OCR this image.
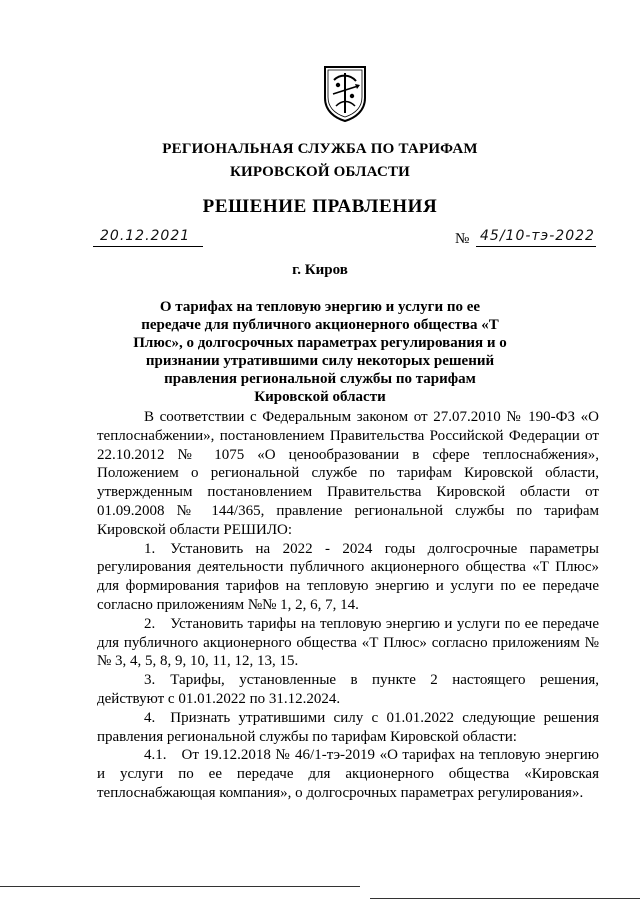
РЕГИОНАЛЬНАЯ СЛУЖБА ПО ТАРИФАМ
КИРОВСКОЙ ОБЛАСТИ
РЕШЕНИЕ ПРАВЛЕНИЯ
20.12.2021	№ 45/10-тэ-2022
г. Киров
О тарифах на тепловую энергию и услуги по ее передаче для публичного акционерного общества «Т Плюс», о долгосрочных параметрах регулирования и о признании утратившими силу некоторых решений правления региональной службы по тарифам Кировской области

В соответствии с Федеральным законом от 27.07.2010 № 190-ФЗ «О теплоснабжении», постановлением Правительства Российской Федерации от 22.10.2012 № 1075 «О ценообразовании в сфере теплоснабжения», Положением о региональной службе по тарифам Кировской области, утвержденным постановлением Правительства Кировской области от 01.09.2008 № 144/365, правление региональной службы по тарифам Кировской области РЕШИЛО:

1. Установить на 2022 - 2024 годы долгосрочные параметры регулирования деятельности публичного акционерного общества «Т Плюс» для формирования тарифов на тепловую энергию и услуги по ее передаче согласно приложениям №№ 1, 2, 6, 7, 14.

2. Установить тарифы на тепловую энергию и услуги по ее передаче для публичного акционерного общества «Т Плюс» согласно приложениям №№ 3, 4, 5, 8, 9, 10, 11, 12, 13, 15.

3. Тарифы, установленные в пункте 2 настоящего решения, действуют с 01.01.2022 по 31.12.2024.

4. Признать утратившими силу с 01.01.2022 следующие решения правления региональной службы по тарифам Кировской области:

4.1. От 19.12.2018 № 46/1-тэ-2019 «О тарифах на тепловую энергию и услуги по ее передаче для акционерного общества «Кировская теплоснабжающая компания», о долгосрочных параметрах регулирования».
